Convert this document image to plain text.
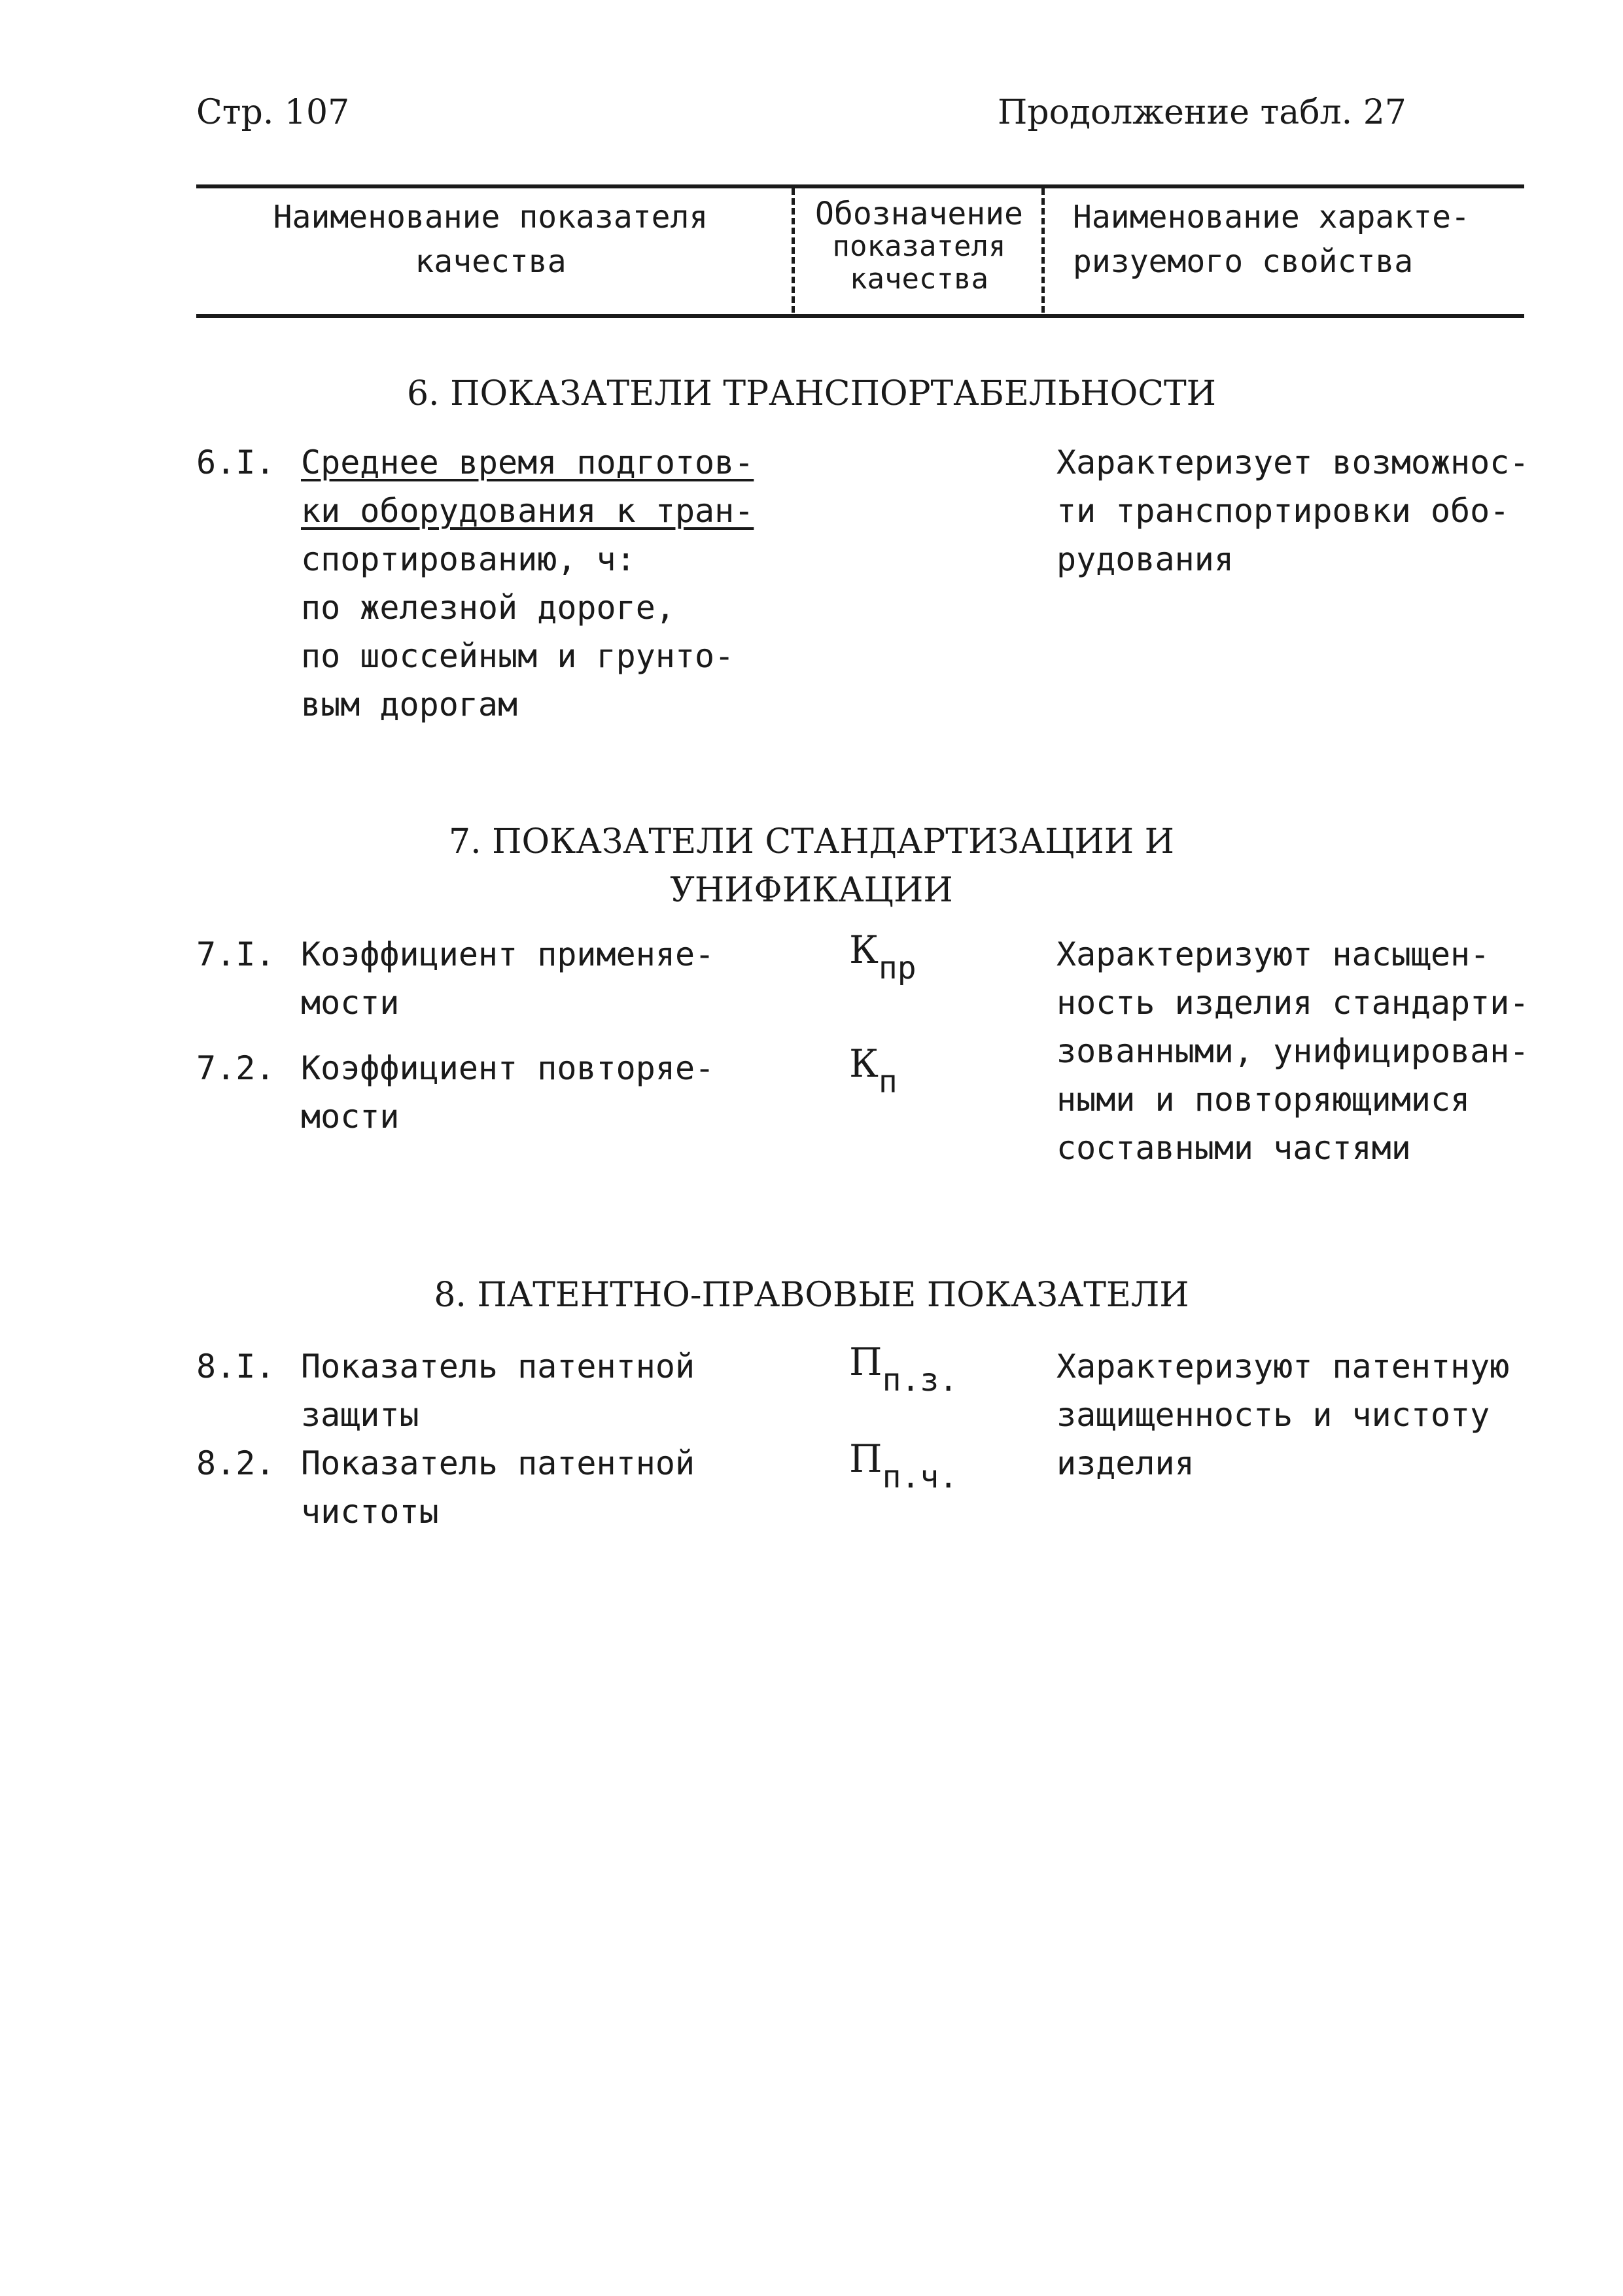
Стр. 107	Продолжение табл. 27
Наименование показателя
качества
Обозначение
показателя
качества
Наименование характе-
ризуемого свойства
6. ПОКАЗАТЕЛИ ТРАНСПОРТАБЕЛЬНОСТИ
6.I. Среднее время подготов-
ки оборудования к тран-
спортированию, ч:
по железной дороге,
по шоссейным и грунто-
вым дорогам
Характеризует возможнос-
ти транспортировки обо-
рудования
7. ПОКАЗАТЕЛИ СТАНДАРТИЗАЦИИ И
УНИФИКАЦИИ
7.I. Коэффициент применяе-
мости
$К_{пр}$
7.2. Коэффициент повторяе-
мости
$К_п$
Характеризуют насыщен-
ность изделия стандарти-
зованными, унифицирован-
ными и повторяющимися
составными частями
8. ПАТЕНТНО-ПРАВОВЫЕ ПОКАЗАТЕЛИ
8.I. Показатель патентной
защиты
$П_{п.з.}$
8.2. Показатель патентной
чистоты
$П_{п.ч.}$
Характеризуют патентную
защищенность и чистоту
изделия
